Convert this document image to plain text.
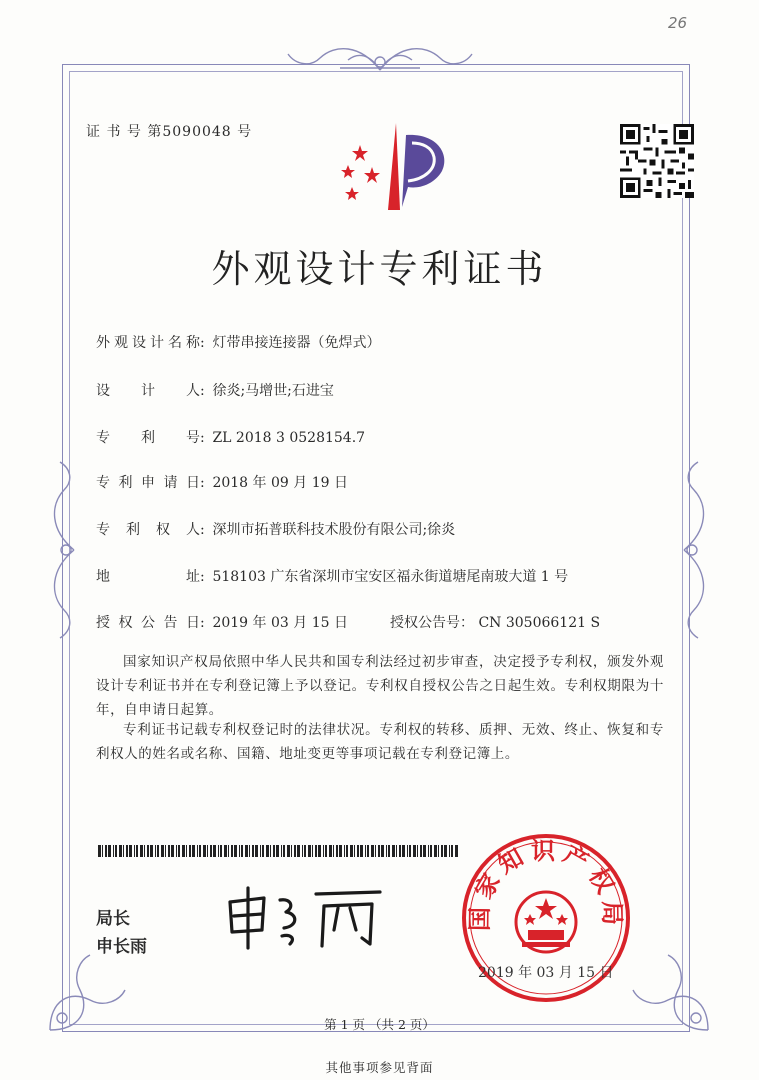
26
证 书 号 第5090048 号
外观设计专利证书
外观设计名称: 灯带串接连接器（免焊式）
设计人: 徐炎;马增世;石进宝
专利号: ZL 2018 3 0528154.7
专利申请日: 2018 年 09 月 19 日
专利权人: 深圳市拓普联科技术股份有限公司;徐炎
地址: 518103 广东省深圳市宝安区福永街道塘尾南玻大道 1 号
授权公告日: 2019 年 03 月 15 日	授权公告号： CN 305066121 S
国家知识产权局依照中华人民共和国专利法经过初步审查，决定授予专利权，颁发外观设计专利证书并在专利登记簿上予以登记。专利权自授权公告之日起生效。专利权期限为十年，自申请日起算。
专利证书记载专利权登记时的法律状况。专利权的转移、质押、无效、终止、恢复和专利权人的姓名或名称、国籍、地址变更等事项记载在专利登记簿上。
局长
申长雨
国家知识产权局
2019 年 03 月 15 日
第 1 页 （共 2 页）
其他事项参见背面
